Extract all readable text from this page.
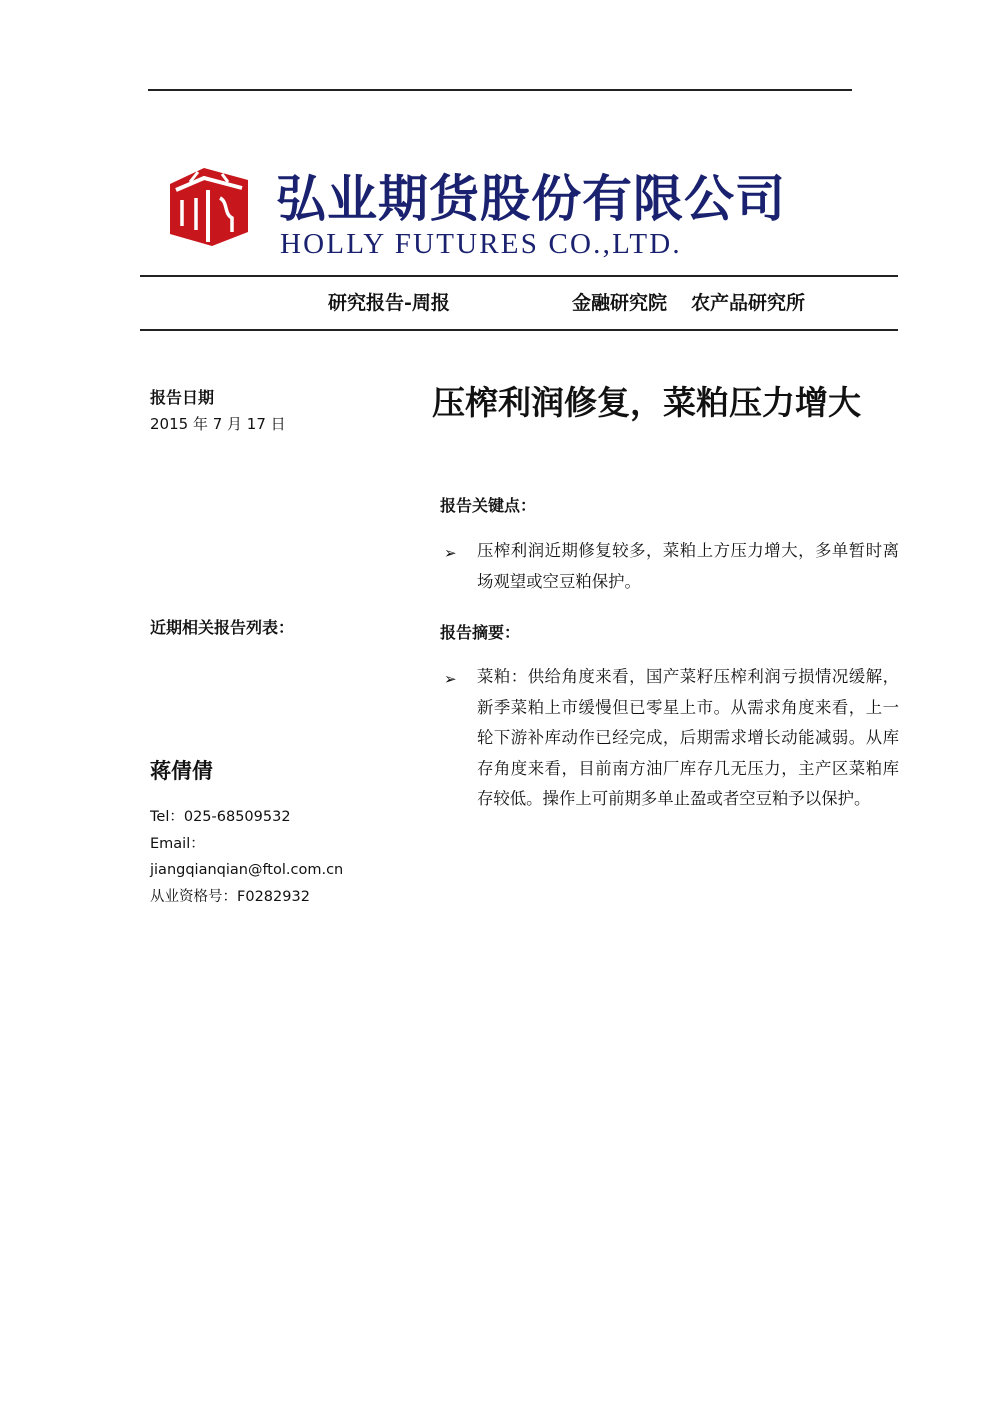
弘业期货股份有限公司
HOLLY FUTURES CO.,LTD.
研究报告-周报	金融研究院 农产品研究所
报告日期
2015 年 7 月 17 日
近期相关报告列表：
蒋倩倩
Tel：025-68509532
Email：
jiangqianqian@ftol.com.cn
从业资格号：F0282932
压榨利润修复，菜粕压力增大
报告关键点：
➢ 压榨利润近期修复较多，菜粕上方压力增大，多单暂时离场观望或空豆粕保护。
报告摘要：
➢ 菜粕：供给角度来看，国产菜籽压榨利润亏损情况缓解，新季菜粕上市缓慢但已零星上市。从需求角度来看，上一轮下游补库动作已经完成，后期需求增长动能减弱。从库存角度来看，目前南方油厂库存几无压力，主产区菜粕库存较低。操作上可前期多单止盈或者空豆粕予以保护。
